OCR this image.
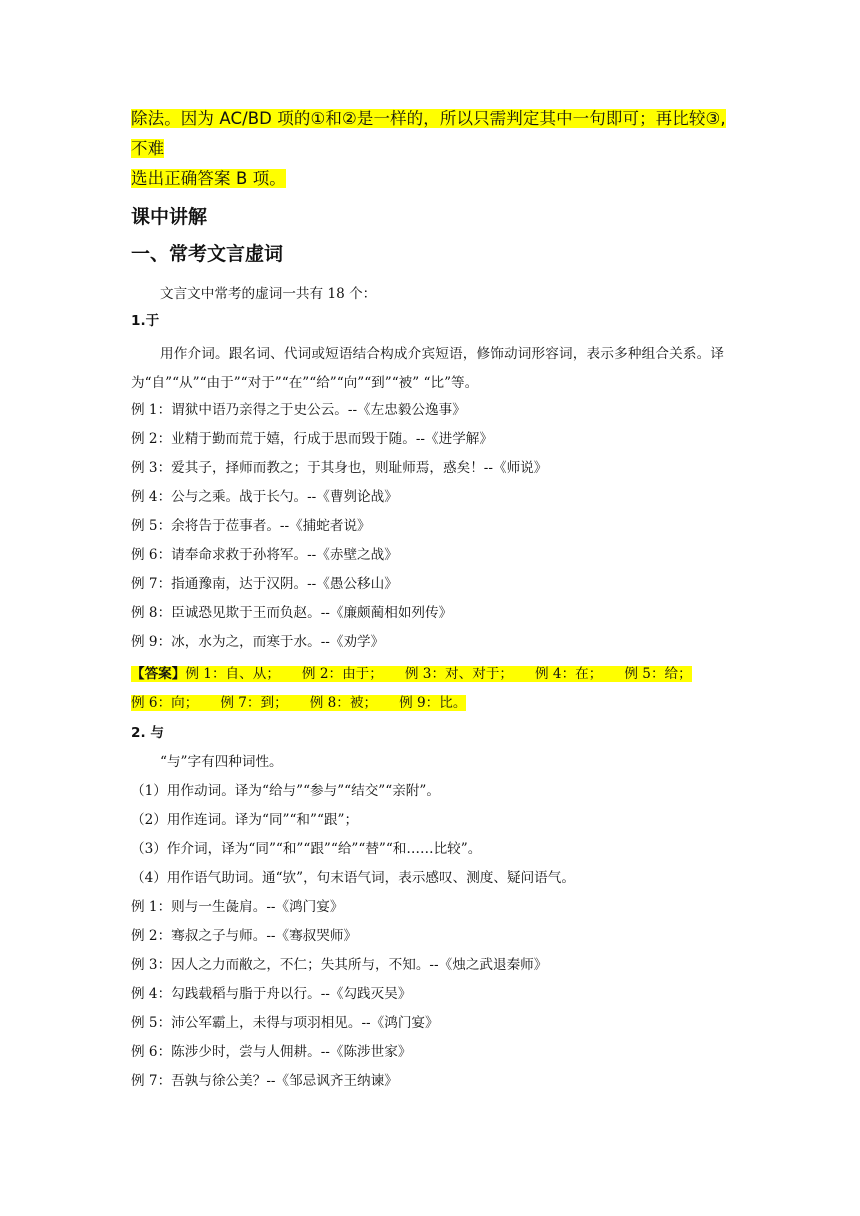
除法。因为 AC/BD 项的①和②是一样的，所以只需判定其中一句即可；再比较③,不难
选出正确答案 B 项。
课中讲解
一、常考文言虚词
文言文中常考的虚词一共有 18 个：
1.于
用作介词。跟名词、代词或短语结合构成介宾短语，修饰动词形容词，表示多种组合关系。译为“自”“从”“由于”“对于”“在”“给”“向”“到”“被” “比”等。
例 1：谓狱中语乃亲得之于史公云。--《左忠毅公逸事》
例 2：业精于勤而荒于嬉，行成于思而毁于随。--《进学解》
例 3：爱其子，择师而教之；于其身也，则耻师焉，惑矣！--《师说》
例 4：公与之乘。战于长勺。--《曹刿论战》
例 5：余将告于莅事者。--《捕蛇者说》
例 6：请奉命求救于孙将军。--《赤壁之战》
例 7：指通豫南，达于汉阴。--《愚公移山》
例 8：臣诚恐见欺于王而负赵。--《廉颇蔺相如列传》
例 9：冰，水为之，而寒于水。--《劝学》
【答案】例 1：自、从； 例 2：由于； 例 3：对、对于； 例 4：在； 例 5：给；
例 6：向； 例 7：到； 例 8：被； 例 9：比。
2. 与
“与”字有四种词性。
（1）用作动词。译为“给与”“参与”“结交”“亲附”。
（2）用作连词。译为“同”“和”“跟”；
（3）作介词，译为“同”“和”“跟”“给”“替”“和……比较”。
（4）用作语气助词。通“欤”，句末语气词，表示感叹、测度、疑问语气。
例 1：则与一生彘肩。--《鸿门宴》
例 2：骞叔之子与师。--《骞叔哭师》
例 3：因人之力而敝之，不仁；失其所与，不知。--《烛之武退秦师》
例 4：勾践载稻与脂于舟以行。--《勾践灭吴》
例 5：沛公军霸上，未得与项羽相见。--《鸿门宴》
例 6：陈涉少时，尝与人佣耕。--《陈涉世家》
例 7：吾孰与徐公美？--《邹忌讽齐王纳谏》
